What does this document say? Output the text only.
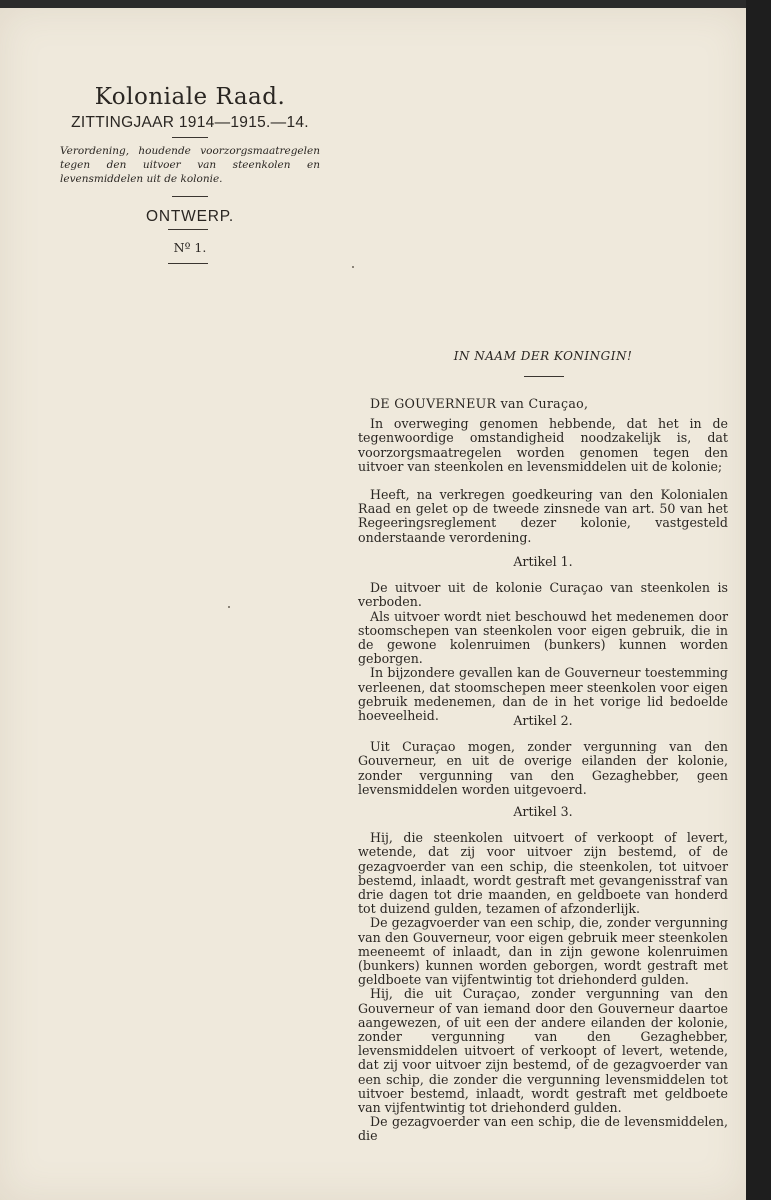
Koloniale Raad.
ZITTINGJAAR 1914—1915.—14.
Verordening, houdende voorzorgsmaatregelen tegen den uitvoer van steenkolen en levensmiddelen uit de kolonie.
ONTWERP.
Nº 1.
IN NAAM DER KONINGIN!

DE GOUVERNEUR van Curaçao,

In overweging genomen hebbende, dat het in de tegenwoordige omstandigheid noodzakelijk is, dat voorzorgsmaatregelen worden genomen tegen den uitvoer van steenkolen en levensmiddelen uit de kolonie;

Heeft, na verkregen goedkeuring van den Kolonialen Raad en gelet op de tweede zinsnede van art. 50 van het Regeeringsreglement dezer kolonie, vastgesteld onderstaande verordening.

Artikel 1.

De uitvoer uit de kolonie Curaçao van steenkolen is verboden.

Als uitvoer wordt niet beschouwd het medenemen door stoomschepen van steenkolen voor eigen gebruik, die in de gewone kolenruimen (bunkers) kunnen worden geborgen.

In bijzondere gevallen kan de Gouverneur toestemming verleenen, dat stoomschepen meer steenkolen voor eigen gebruik medenemen, dan de in het vorige lid bedoelde hoeveelheid.	Artikel 2.

Uit Curaçao mogen, zonder vergunning van den Gouverneur, en uit de overige eilanden der kolonie, zonder vergunning van den Gezaghebber, geen levensmiddelen worden uitgevoerd.

Artikel 3.

Hij, die steenkolen uitvoert of verkoopt of levert, wetende, dat zij voor uitvoer zijn bestemd, of de gezagvoerder van een schip, die steenkolen, tot uitvoer bestemd, inlaadt, wordt gestraft met gevangenisstraf van drie dagen tot drie maanden, en geldboete van honderd tot duizend gulden, tezamen of afzonderlijk.

De gezagvoerder van een schip, die, zonder vergunning van den Gouverneur, voor eigen gebruik meer steenkolen meeneemt of inlaadt, dan in zijn gewone kolenruimen (bunkers) kunnen worden geborgen, wordt gestraft met geldboete van vijfentwintig tot driehonderd gulden.

Hij, die uit Curaçao, zonder vergunning van den Gouverneur of van iemand door den Gouverneur daartoe aangewezen, of uit een der andere eilanden der kolonie, zonder vergunning van den Gezaghebber, levensmiddelen uitvoert of verkoopt of levert, wetende, dat zij voor uitvoer zijn bestemd, of de gezagvoerder van een schip, die zonder die vergunning levensmiddelen tot uitvoer bestemd, inlaadt, wordt gestraft met geldboete van vijfentwintig tot driehonderd gulden.

De gezagvoerder van een schip, die de levensmiddelen, die
